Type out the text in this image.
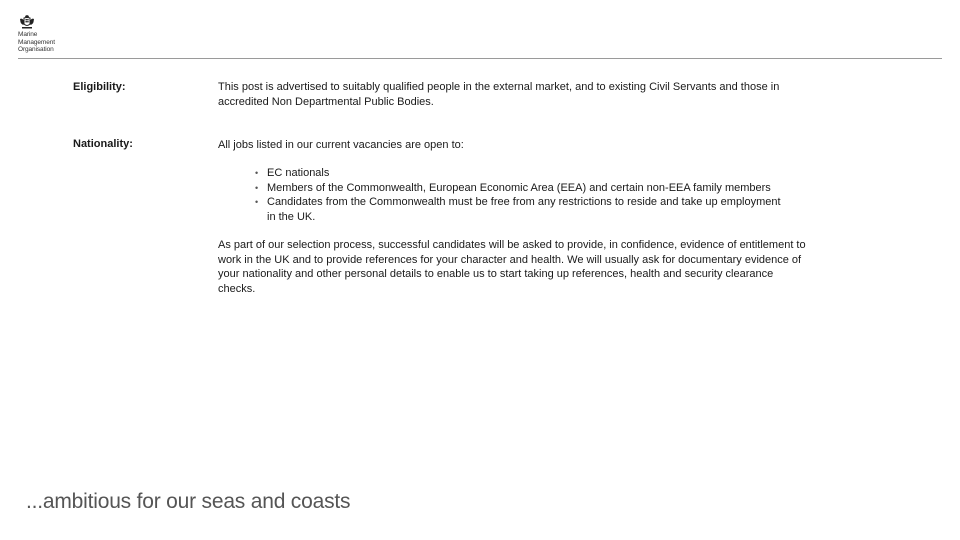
Marine
Management
Organisation
Eligibility:	This post is advertised to suitably qualified people in the external market, and to existing Civil Servants and those in accredited Non Departmental Public Bodies.
Nationality:	All jobs listed in our current vacancies are open to:
• EC nationals
• Members of the Commonwealth, European Economic Area (EEA) and certain non-EEA family members
• Candidates from the Commonwealth must be free from any restrictions to reside and take up employment in the UK.
As part of our selection process, successful candidates will be asked to provide, in confidence, evidence of entitlement to work in the UK and to provide references for your character and health. We will usually ask for documentary evidence of your nationality and other personal details to enable us to start taking up references, health and security clearance checks.
...ambitious for our seas and coasts
